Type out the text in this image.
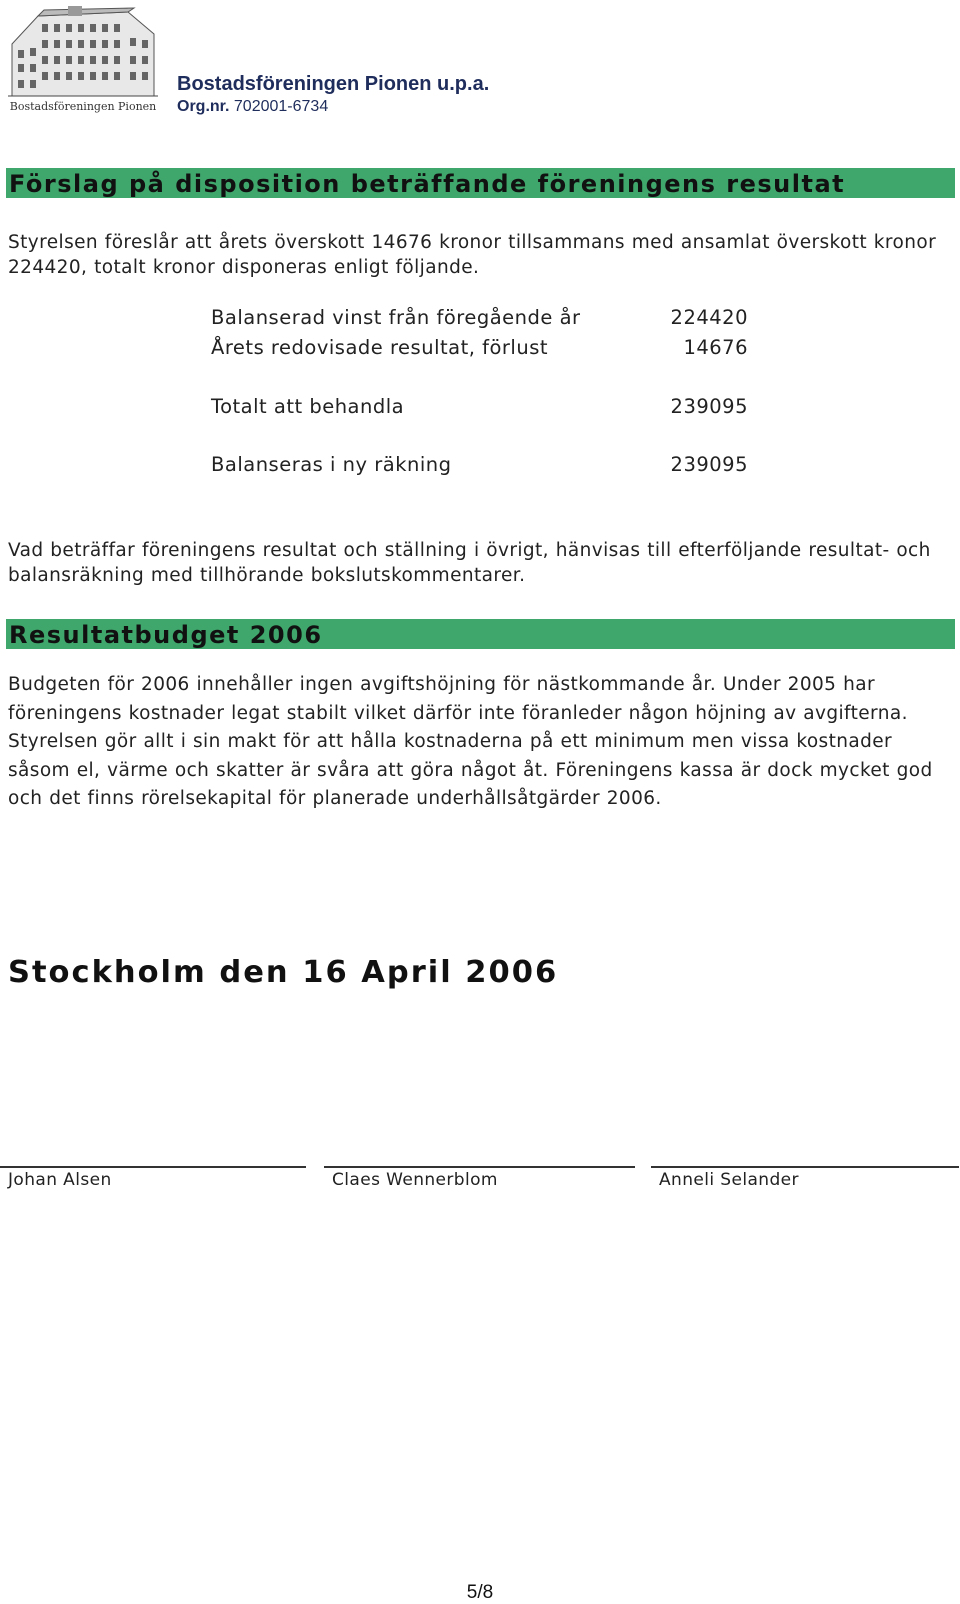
Bostadsföreningen Pionen
Bostadsföreningen Pionen u.p.a.
Org.nr. 702001-6734
Förslag på disposition beträffande föreningens resultat

Styrelsen föreslår att årets överskott 14676 kronor tillsammans med ansamlat överskott kronor 224420, totalt kronor disponeras enligt följande.

Balanserad vinst från föregående år	224420
Årets redovisade resultat, förlust	14676
Totalt att behandla	239095
Balanseras i ny räkning	239095

Vad beträffar föreningens resultat och ställning i övrigt, hänvisas till efterföljande resultat- och balansräkning med tillhörande bokslutskommentarer.

Resultatbudget 2006

Budgeten för 2006 innehåller ingen avgiftshöjning för nästkommande år. Under 2005 har föreningens kostnader legat stabilt vilket därför inte föranleder någon höjning av avgifterna. Styrelsen gör allt i sin makt för att hålla kostnaderna på ett minimum men vissa kostnader såsom el, värme och skatter är svåra att göra något åt. Föreningens kassa är dock mycket god och det finns rörelsekapital för planerade underhållsåtgärder 2006.

Stockholm den 16 April 2006
Johan Alsen	Claes Wennerblom	Anneli Selander
5/8
